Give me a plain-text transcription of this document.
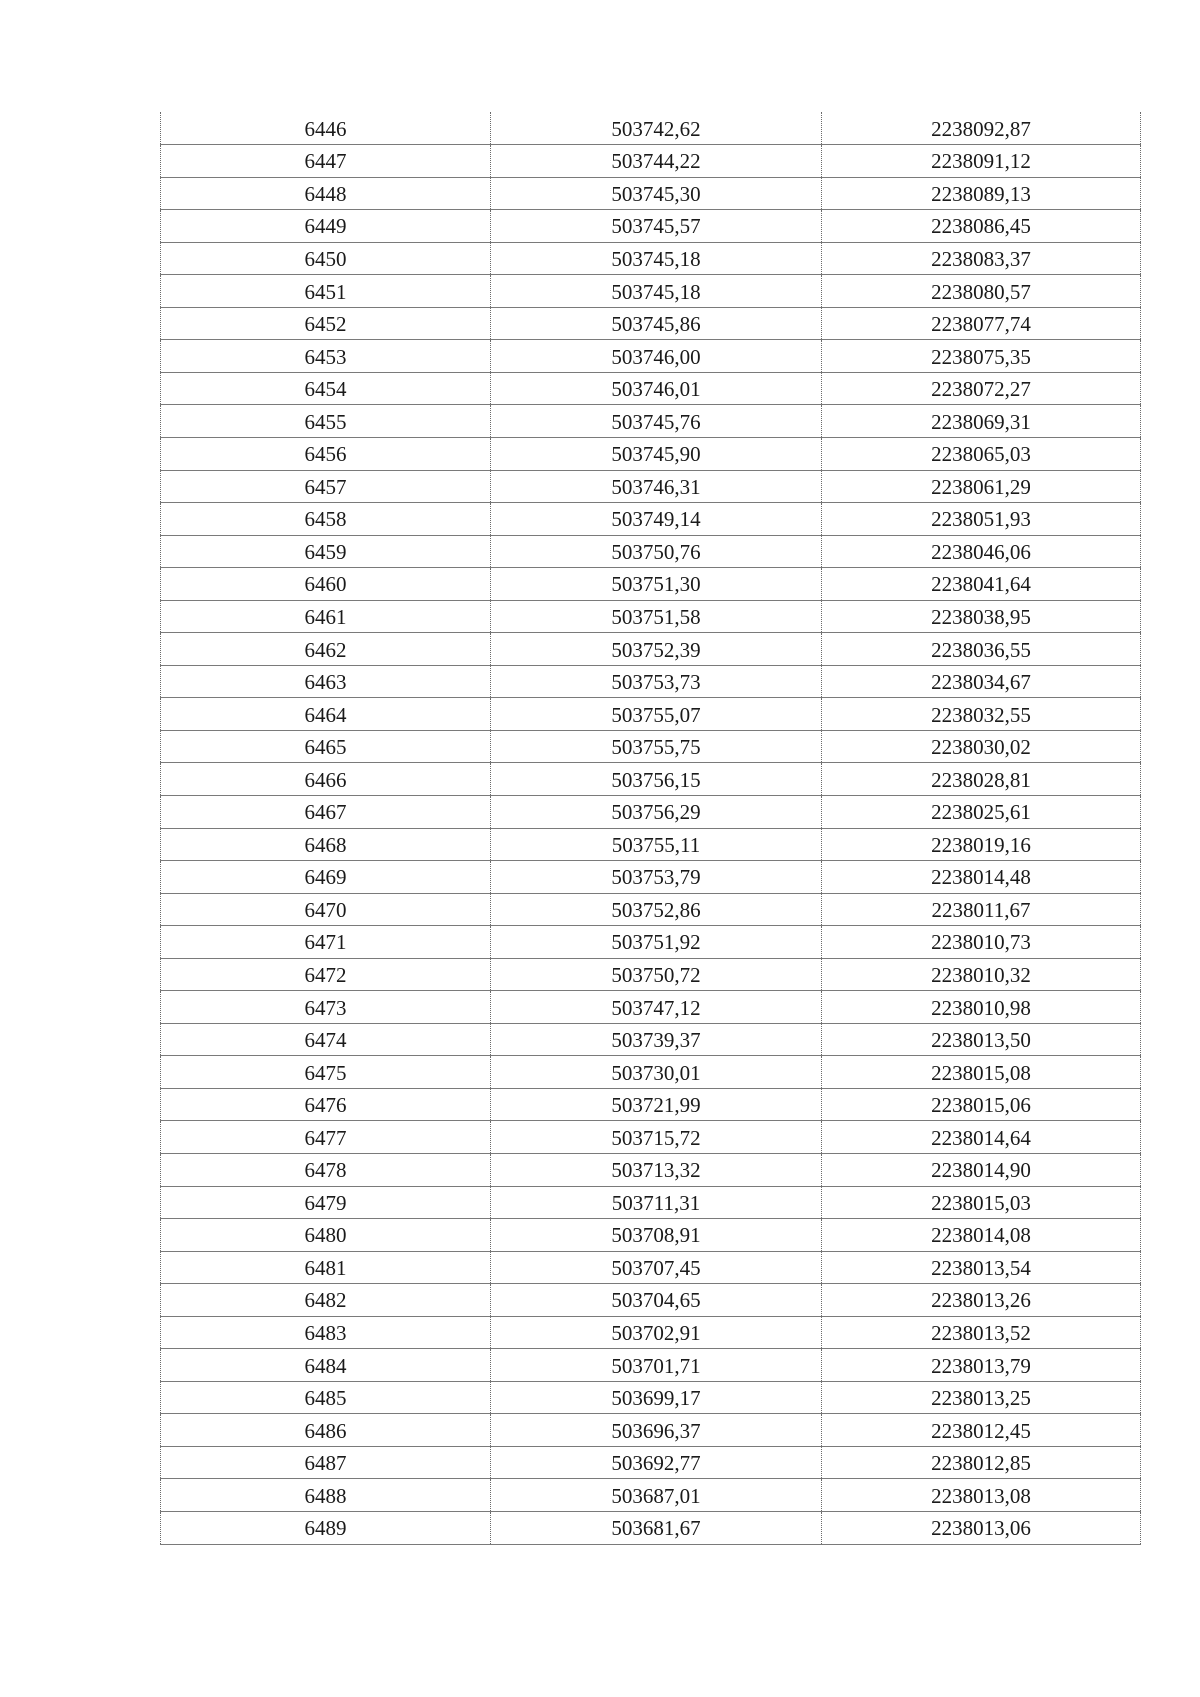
6446	503742,62	2238092,87
6447	503744,22	2238091,12
6448	503745,30	2238089,13
6449	503745,57	2238086,45
6450	503745,18	2238083,37
6451	503745,18	2238080,57
6452	503745,86	2238077,74
6453	503746,00	2238075,35
6454	503746,01	2238072,27
6455	503745,76	2238069,31
6456	503745,90	2238065,03
6457	503746,31	2238061,29
6458	503749,14	2238051,93
6459	503750,76	2238046,06
6460	503751,30	2238041,64
6461	503751,58	2238038,95
6462	503752,39	2238036,55
6463	503753,73	2238034,67
6464	503755,07	2238032,55
6465	503755,75	2238030,02
6466	503756,15	2238028,81
6467	503756,29	2238025,61
6468	503755,11	2238019,16
6469	503753,79	2238014,48
6470	503752,86	2238011,67
6471	503751,92	2238010,73
6472	503750,72	2238010,32
6473	503747,12	2238010,98
6474	503739,37	2238013,50
6475	503730,01	2238015,08
6476	503721,99	2238015,06
6477	503715,72	2238014,64
6478	503713,32	2238014,90
6479	503711,31	2238015,03
6480	503708,91	2238014,08
6481	503707,45	2238013,54
6482	503704,65	2238013,26
6483	503702,91	2238013,52
6484	503701,71	2238013,79
6485	503699,17	2238013,25
6486	503696,37	2238012,45
6487	503692,77	2238012,85
6488	503687,01	2238013,08
6489	503681,67	2238013,06
